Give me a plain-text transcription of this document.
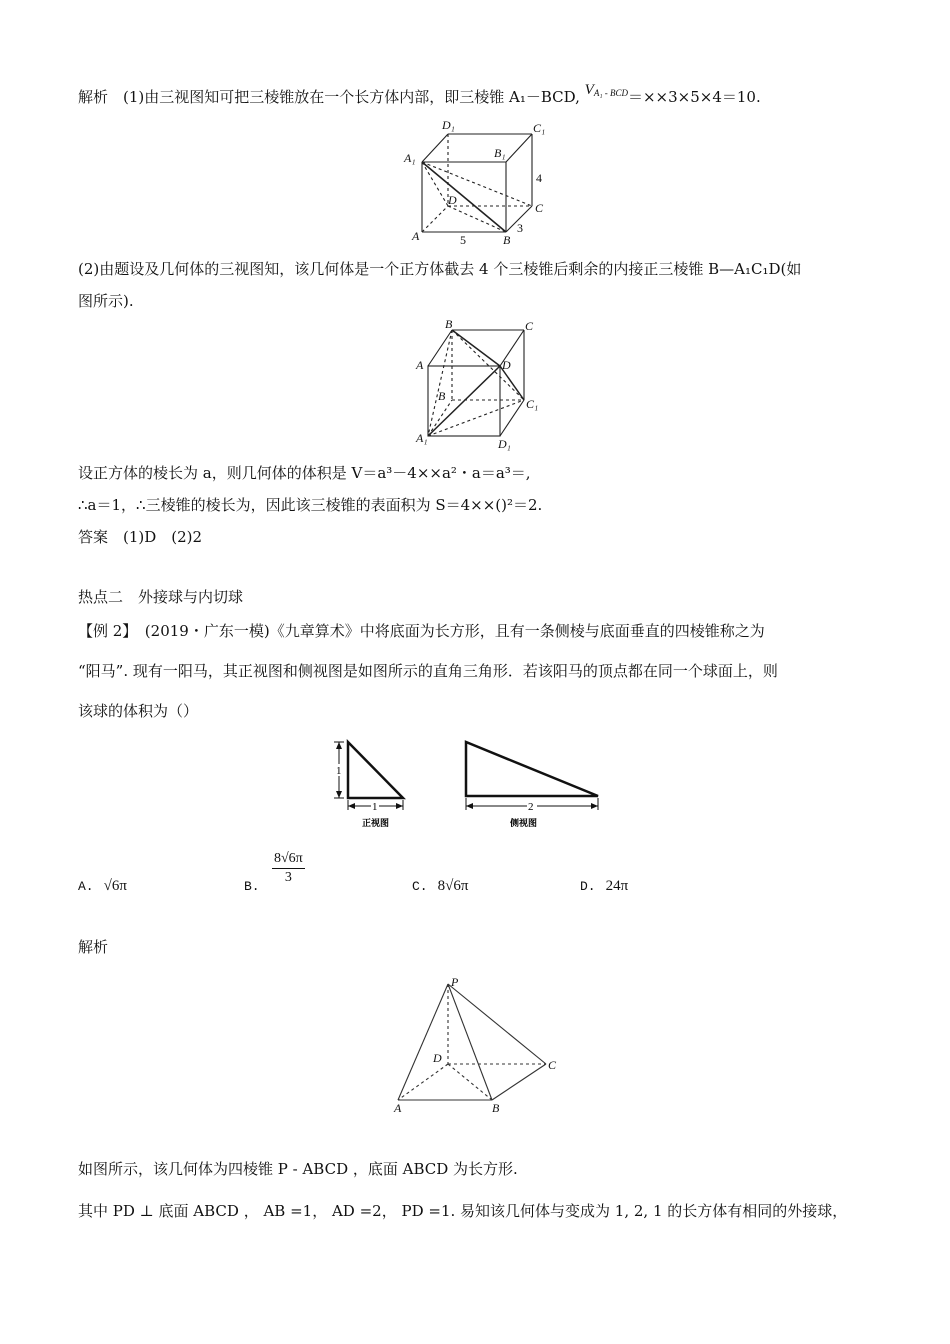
解析　(1)由三视图知可把三棱锥放在一个长方体内部，即三棱锥 A₁－BCD, $V^{A_1 - BCD}=\times\times 3\times 5\times 4=10$.
D₁	C₁
A₁	B₁
4
D
C
A	5	B
3
(2)由题设及几何体的三视图知，该几何体是一个正方体截去 4 个三棱锥后剩余的内接正三棱锥 B—A₁C₁D(如
图所示).
B	C
A	D
B
C₁
A₁	D₁
设正方体的棱长为 a，则几何体的体积是 V＝a³－4××a²・a＝a³＝,
∴a＝1，∴三棱锥的棱长为，因此该三棱锥的表面积为 S＝4××()²＝2.
答案　(1)D　(2)2
热点二　外接球与内切球
【例 2】　(2019・广东一模)《九章算术》中将底面为长方形，且有一条侧棱与底面垂直的四棱锥称之为
“阳马”. 现有一阳马，其正视图和侧视图是如图所示的直角三角形．若该阳马的顶点都在同一个球面上，则
该球的体积为（）
1
1	2
正视图	侧视图
A. √6π	B. $\frac{8√6\pi}{3}$	C. 8√6π	D. 24π
解析
P
D	C
A	B
如图所示，该几何体为四棱锥 P - ABCD ，底面 ABCD 为长方形.
其中 PD ⊥ 底面 ABCD ， AB =1， AD =2， PD =1. 易知该几何体与变成为 1, 2, 1 的长方体有相同的外接球，
